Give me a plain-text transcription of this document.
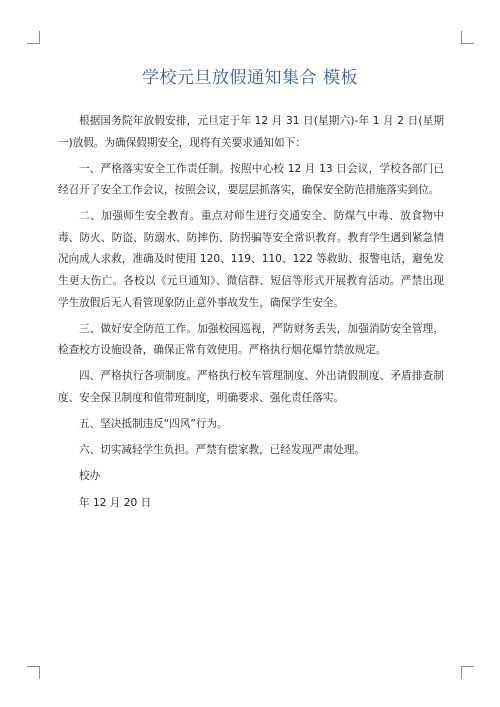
学校元旦放假通知集合 模板

根据国务院年放假安排，元旦定于年 12 月 31 日(星期六)-年 1 月 2 日(星期一)放假。为确保假期安全，现将有关要求通知如下：

一、严格落实安全工作责任制。按照中心校 12 月 13 日会议，学校各部门已经召开了安全工作会议，按照会议，要层层抓落实，确保安全防范措施落实到位。

二、加强师生安全教育。重点对师生进行交通安全、防煤气中毒、放食物中毒、防火、防盗、防溺水、防摔伤、防拐骗等安全常识教育。教育学生遇到紧急情况向成人求救，准确及时使用 120、119、110、122 等救助、报警电话，避免发生更大伤亡。各校以《元旦通知》、微信群、短信等形式开展教育活动。严禁出现学生放假后无人看管现象防止意外事故发生，确保学生安全。

三、做好安全防范工作。加强校园巡视，严防财务丢失，加强消防安全管理，检查校方设施设备，确保正常有效使用。严格执行烟花爆竹禁放规定。

四、严格执行各项制度。严格执行校车管理制度、外出请假制度、矛盾排查制度、安全保卫制度和值带班制度，明确要求、强化责任落实。

五、坚决抵制违反“四风”行为。

六、切实减轻学生负担。严禁有偿家教，已经发现严肃处理。

校办

年 12 月 20 日
